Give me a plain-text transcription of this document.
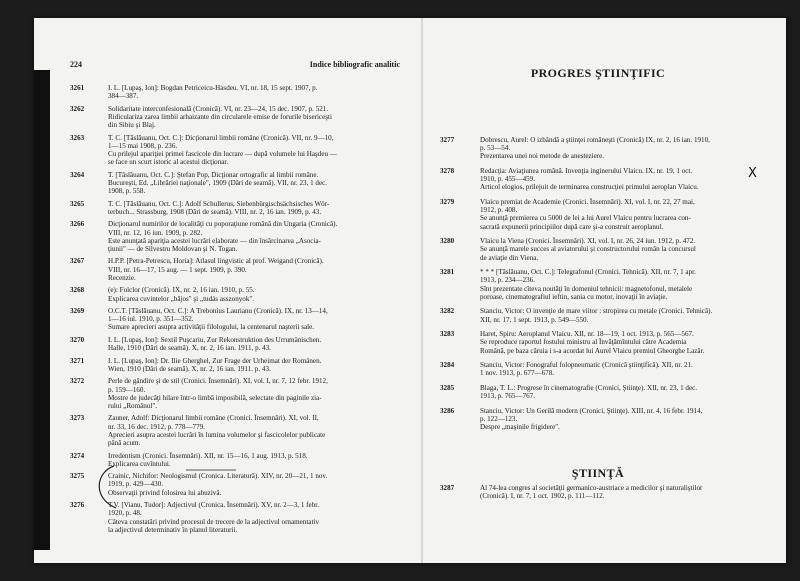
224	Indice bibliografic analitic
PROGRES ŞTIINŢIFIC
X
3261	I. L. [Lupaş, Ion]: Bogdan Petriceicu-Hasdeu. VI, nr. 18, 15 sept. 1907, p.
384—387.
3262	Solidaritate interconfesională (Cronică). VI, nr. 23—24, 15 dec. 1907, p. 521.
Ridiculariza zarea limbii arhaizante din circularele emise de forurile bisericeşti
din Sibiu şi Blaj.
3263	T. C. [Tăslăuanu, Oct. C.]: Dicţionarul limbii române (Cronică). VII, nr. 9—10,
1—15 mai 1908, p. 236.
Cu prilejul apariţiei primei fascicole din lucrare — după volumele lui Haşdeu —
se face un scurt istoric al acestui dicţionar.
3264	T. [Tăslăuanu, Oct. C.]: Ştefan Pop, Dicţionar ortografic al limbii române.
Bucureşti, Ed. „Librăriei naţionale", 1909 (Dări de seamă). VII, nr. 23, 1 dec.
1908, p. 558.
3265	T. C. [Tăslăuanu, Oct. C.]: Adolf Schullerus, Siebenbürgischsächsisches Wör-
terbuch... Strassburg, 1908 (Dări de seamă). VIII, nr. 2, 16 ian. 1909, p. 43.
3266	Dicţionarul numirilor de localităţi cu poporaţiune română din Ungaria (Cronică).
VIII, nr. 12, 16 iun. 1909, p. 282.
Este anunţată apariţia acestei lucrări elaborate — din însărcinarea „Asocia-
ţiunii" — de Silvestru Moldovan şi N. Togan.
3267	H.P.P. [Petra-Petrescu, Horia]: Atlasul lingvistic al prof. Weigand (Cronică).
VIII, nr. 16—17, 15 aug. — 1 sept. 1909, p. 390.
Recenzie.
3268	(e): Folclor (Cronică). IX, nr. 2, 16 ian. 1910, p. 55.
Explicarea cuvintelor „bâjos" şi „tudás asszonyok".
3269	O.C.T. [Tăslăuanu, Oct. C.]: A Trebonius Laurianu (Cronică). IX, nr. 13—14,
1—16 iul. 1910, p. 351—352.
Sumare aprecieri asupra activităţii filologului, la centenarul naşterii sale.
3270	I. L. [Lupaş, Ion]: Sextil Puşcariu, Zur Rekonstruktion des Urrumänischen.
Halle, 1910 (Dări de seamă). X, nr. 2, 16 ian. 1911, p. 43.
3271	I. L. [Lupaş, Ion]: Dr. Ilie Gherghel, Zur Frage der Urheimat der Romänen.
Wien, 1910 (Dări de seamă). X, nr. 2, 16 ian. 1911. p. 43.
3272	Perle de gândire şi de stil (Cronici. Însemnări). XI, vol. I, nr. 7, 12 febr. 1912,
p. 159—160.
Mostre de judecăţi hilare într-o limbă imposibilă, selectate din paginile zia-
rului „Românul".
3273	Zauner, Adolf: Dicţionarul limbii române (Cronici. Însemnări). XI, vol. II,
nr. 33, 16 dec. 1912, p. 778—779.
Aprecieri asupra acestei lucrări în lumina volumelor şi fascicolelor publicate
până acum.
3274	Irredentism (Cronici. Însemnări). XII, nr. 15—16, 1 aug. 1913, p. 518.
Explicarea cuvîntului.
3275	Crainic, Nichifor: Neologismul (Cronica. Literatură). XIV, nr. 20—21, 1 nov.
1919, p. 429—430.
Observaţii privind folosirea lui abuzivă.
3276	T.V. [Vianu, Tudor]: Adjectivul (Cronica. Însemnări). XV, nr. 2—3, 1 febr.
1920, p. 48.
Câteva constatări privind procesul de trecere de la adjectivul ornamentativ
la adjectivul determinativ în planul literaturii.
3277	Dobrescu, Aurel: O izbândă a ştiinţei româneşti (Cronică) IX, nr. 2, 16 ian. 1910,
p. 53—54.
Prezentarea unei noi metode de anesteziere.
3278	Redacţia: Aviaţiunea română. Invenţia inginerului Vlaicu. IX, nr. 19, 1 oct.
1910, p. 455—459.
Articol elogios, prilejuit de terminarea construcţiei primului aeroplan Vlaicu.
3279	Vlaicu premiat de Academie (Cronici. Însemnări). XI, vol. I, nr. 22, 27 mai,
1912, p. 408.
Se anunţă premierea cu 5000 de lei a lui Aurel Vlaicu pentru lucrarea con-
sacrată expunerii principiilor după care şi-a construit aeroplanul.
3280	Vlaicu la Viena (Cronici. Însemnări). XI, vol. I, nr. 26, 24 iun. 1912, p. 472.
Se anunţă marele succes al aviatorului şi constructorului român la concursul
de aviaţie din Viena.
3281	* * * [Tăslăuanu, Oct. C.]: Telegrafonul (Cronici. Tehnică). XII, nr. 7, 1 apr.
1913, p. 234—236.
Sînt prezentate cîteva noutăţi în domeniul tehnicii: magnetofonul, metalele
poroase, cinematografiul ieftin, sania cu motor, inovaţii în aviaţie.
3282	Stanciu, Victor: O invenţie de mare viitor : stropirea cu metale (Cronici. Tehnică).
XII, nr. 17, 1 sept. 1913, p. 549—550.
3283	Haret, Spiru: Aeroplanul Vlaicu. XII, nr. 18—19, 1 oct. 1913, p. 565—567.
Se reproduce raportul fostului ministru al Învăţămîntului către Academia
Română, pe baza căruia i s-a acordat lui Aurel Vlaicu premiul Gheorghe Lazăr.
3284	Stanciu, Victor: Fonograful folopneumatic (Cronică ştiinţifică). XII, nr. 21.
1 nov. 1913, p. 677—678.
3285	Blaga, T. L.: Progrese în cinematografie (Cronici, Ştiinţe). XII, nr. 23, 1 dec.
1913, p. 765—767.
3286	Stanciu, Victor: Un Gerilă modern (Cronici, Ştiinţe). XIII, nr. 4, 16 febr. 1914,
p. 122—123.
Despre „maşinile frigidere".
ŞTIINŢĂ
3287	Al 74-lea congres al societăţii germanico-austriace a medicilor şi naturaliştilor
(Cronică). I, nr. 7, 1 oct. 1902, p. 111—112.
